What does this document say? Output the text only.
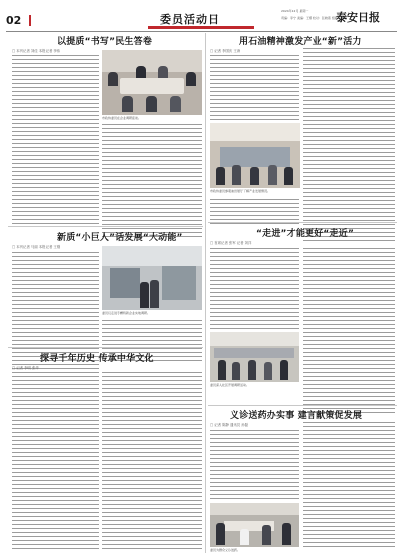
02	委员活动日
2024年12月 星期一
责编：李宁 美编：王娜 校对：张晓燕 组版：刘明
泰安日报
以提质“书写”民生答卷
□ 本刊记者 刘佳 本报记者 李伟
市政协委员在企业调研座谈。
用石油精神激发产业“新”活力
□ 记者 李国庆 王涛
市政协委员参观油田展厅了解产业发展情况。
新质“小巨人”话发展“大动能”
□ 本刊记者 马丽 本报记者 王刚
委员们走进专精特新企业实地调研。
“走进”才能更好“走近”
□ 首席记者 张军 记者 刘洋
委员深入社区开展调研活动。
探寻千年历史 传承中华文化
□ 记者 李明 张华
义诊送药办实事 建言献策促发展
□ 记者 陈静 通讯员 孙磊
委员为群众义诊送药。
